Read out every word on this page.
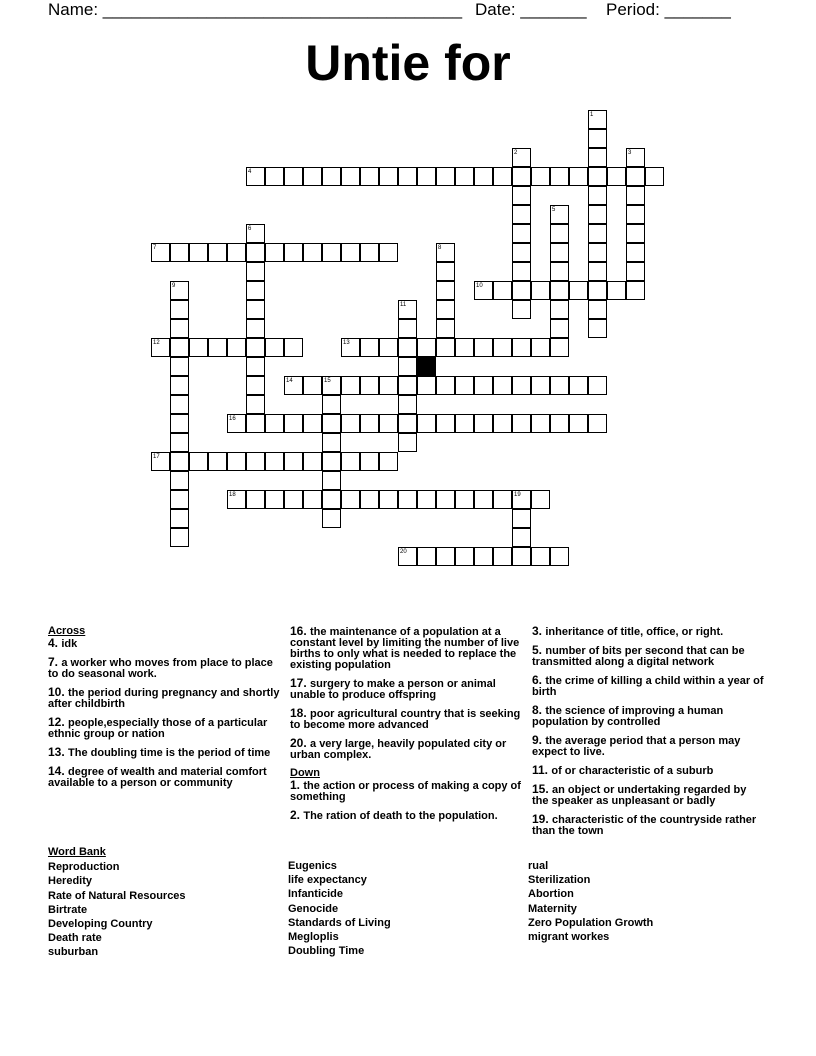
Name: ______________________________________ Date: _______ Period: _______
Untie for
1
2	3
4
5
6
7	8
9	10
11
12	13
14	15
16
17
18	19
20
Across
4. idk
7. a worker who moves from place to place to do seasonal work.
10. the period during pregnancy and shortly after childbirth
12. people,especially those of a particular ethnic group or nation
13. The doubling time is the period of time
14. degree of wealth and material comfort available to a person or community
16. the maintenance of a population at a constant level by limiting the number of live births to only what is needed to replace the existing population
17. surgery to make a person or animal unable to produce offspring
18. poor agricultural country that is seeking to become more advanced
20. a very large, heavily populated city or urban complex.
Down
1. the action or process of making a copy of something
2. The ration of death to the population.
3. inheritance of title, office, or right.
5. number of bits per second that can be transmitted along a digital network
6. the crime of killing a child within a year of birth
8. the science of improving a human population by controlled
9. the average period that a person may expect to live.
11. of or characteristic of a suburb
15. an object or undertaking regarded by the speaker as unpleasant or badly
19. characteristic of the countryside rather than the town
Word Bank
Reproduction
Heredity
Rate of Natural Resources
Birtrate
Developing Country
Death rate
suburban
Eugenics
life expectancy
Infanticide
Genocide
Standards of Living
Megloplis
Doubling Time
rual
Sterilization
Abortion
Maternity
Zero Population Growth
migrant workes
